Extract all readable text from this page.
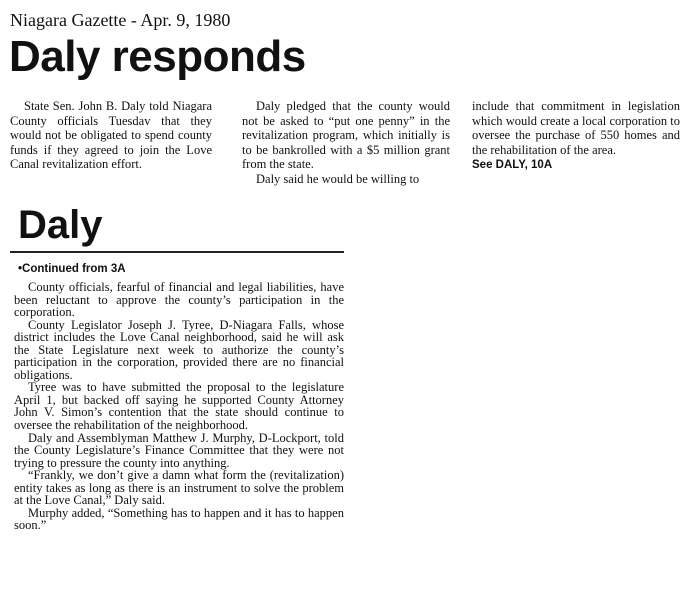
Niagara Gazette - Apr. 9, 1980
Daly responds

State Sen. John B. Daly told Niagara County officials Tuesdav that they would not be obligated to spend county funds if they agreed to join the Love Canal revitalization effort.

Daly pledged that the county would not be asked to “put one penny” in the revitalization program, which initially is to be bankrolled with a $5 million grant from the state.

Daly said he would be willing to

include that commitment in legislation which would create a local corporation to oversee the purchase of 550 homes and the rehabilitation of the area.

See DALY, 10A

Daly
•Continued from 3A

County officials, fearful of financial and legal liabilities, have been reluctant to approve the county’s participation in the corporation.

County Legislator Joseph J. Tyree, D-Niagara Falls, whose district includes the Love Canal neighborhood, said he will ask the State Legislature next week to authorize the county’s participation in the corporation, provided there are no financial obligations.

Tyree was to have submitted the proposal to the legislature April 1, but backed off saying he supported County Attorney John V. Simon’s contention that the state should continue to oversee the rehabilitation of the neighborhood.

Daly and Assemblyman Matthew J. Murphy, D-Lockport, told the County Legislature’s Finance Committee that they were not trying to pressure the county into anything.

“Frankly, we don’t give a damn what form the (revitalization) entity takes as long as there is an instrument to solve the problem at the Love Canal,” Daly said.

Murphy added, “Something has to happen and it has to happen soon.”
